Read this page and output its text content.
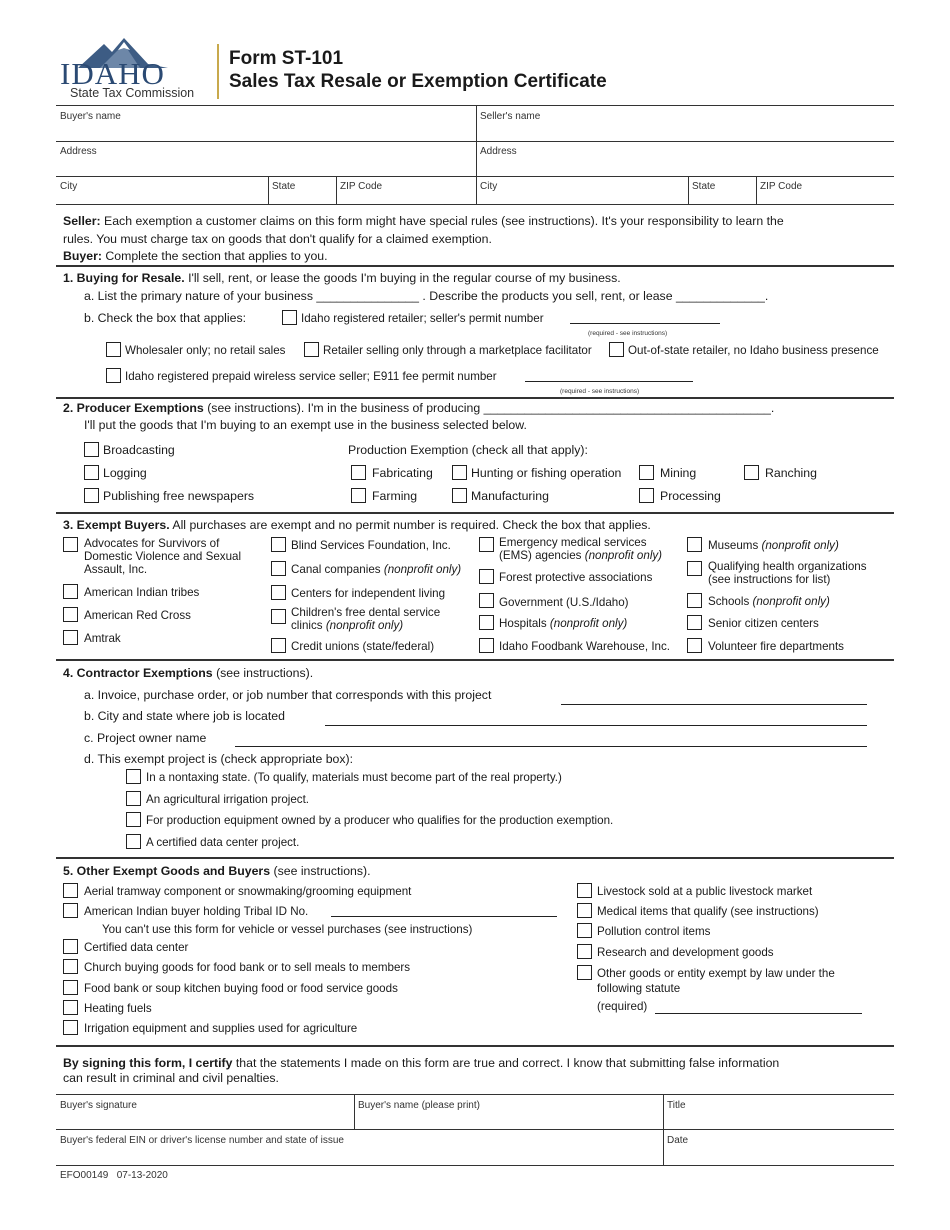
IDAHO
State Tax Commission
Form ST-101
Sales Tax Resale or Exemption Certificate
Buyer's name	Seller's name
Address	Address
City	State	ZIP Code	City	State	ZIP Code
Seller: Each exemption a customer claims on this form might have special rules (see instructions). It's your responsibility to learn the
rules. You must charge tax on goods that don't qualify for a claimed exemption.
Buyer: Complete the section that applies to you.
1. Buying for Resale. I'll sell, rent, or lease the goods I'm buying in the regular course of my business.
a. List the primary nature of your business _______________ . Describe the products you sell, rent, or lease _____________.
b. Check the box that applies:	Idaho registered retailer; seller's permit number
(required - see instructions)
Wholesaler only; no retail sales	Retailer selling only through a marketplace facilitator	Out-of-state retailer, no Idaho business presence
Idaho registered prepaid wireless service seller; E911 fee permit number
(required - see instructions)
2. Producer Exemptions (see instructions). I'm in the business of producing __________________________________________.
I'll put the goods that I'm buying to an exempt use in the business selected below.
Broadcasting	Production Exemption (check all that apply):
Logging	Fabricating	Hunting or fishing operation	Mining	Ranching
Publishing free newspapers	Farming	Manufacturing	Processing
3. Exempt Buyers. All purchases are exempt and no permit number is required. Check the box that applies.
Advocates for Survivors of
Domestic Violence and Sexual
Assault, Inc.
American Indian tribes
American Red Cross
Amtrak
Blind Services Foundation, Inc.
Canal companies (nonprofit only)
Centers for independent living
Children's free dental service
clinics (nonprofit only)
Credit unions (state/federal)
Emergency medical services
(EMS) agencies (nonprofit only)
Forest protective associations
Government (U.S./Idaho)
Hospitals (nonprofit only)
Idaho Foodbank Warehouse, Inc.
Museums (nonprofit only)
Qualifying health organizations
(see instructions for list)
Schools (nonprofit only)
Senior citizen centers
Volunteer fire departments
4. Contractor Exemptions (see instructions).
a. Invoice, purchase order, or job number that corresponds with this project
b. City and state where job is located
c. Project owner name
d. This exempt project is (check appropriate box):
In a nontaxing state. (To qualify, materials must become part of the real property.)
An agricultural irrigation project.
For production equipment owned by a producer who qualifies for the production exemption.
A certified data center project.
5. Other Exempt Goods and Buyers (see instructions).
Aerial tramway component or snowmaking/grooming equipment
American Indian buyer holding Tribal ID No.
You can't use this form for vehicle or vessel purchases (see instructions)
Certified data center
Church buying goods for food bank or to sell meals to members
Food bank or soup kitchen buying food or food service goods
Heating fuels
Irrigation equipment and supplies used for agriculture
Livestock sold at a public livestock market
Medical items that qualify (see instructions)
Pollution control items
Research and development goods
Other goods or entity exempt by law under the
following statute
(required)
By signing this form, I certify that the statements I made on this form are true and correct. I know that submitting false information
can result in criminal and civil penalties.
Buyer's signature	Buyer's name (please print)	Title
Buyer's federal EIN or driver's license number and state of issue	Date
EFO00149   07-13-2020
